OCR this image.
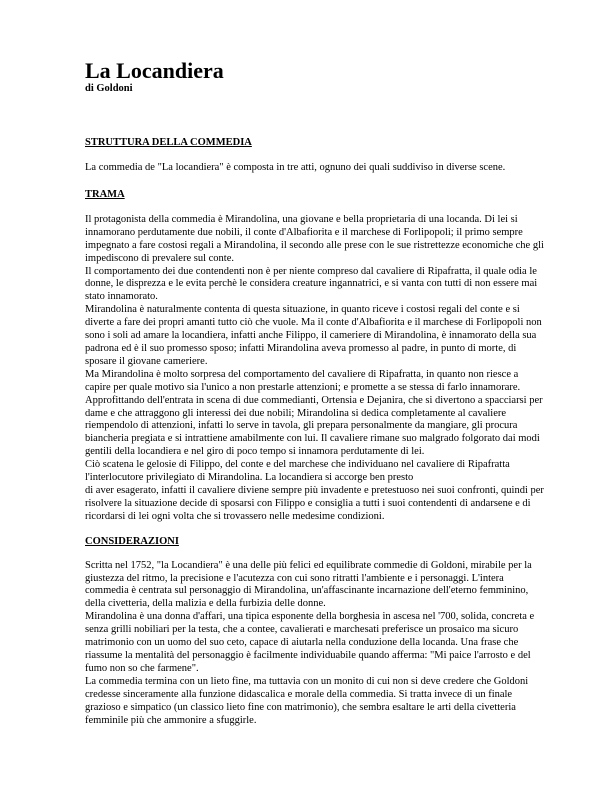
La Locandiera
di Goldoni
STRUTTURA DELLA COMMEDIA
La commedia de "La locandiera" è composta in tre atti, ognuno dei quali suddiviso in diverse scene.
TRAMA
Il protagonista della commedia è Mirandolina, una giovane e bella proprietaria di una locanda. Di lei si
innamorano perdutamente due nobili, il conte d'Albafiorita e il marchese di Forlipopoli; il primo sempre
impegnato a fare costosi regali a Mirandolina, il secondo alle prese con le sue ristrettezze economiche che gli
impediscono di prevalere sul conte.
Il comportamento dei due contendenti non è per niente compreso dal cavaliere di Ripafratta, il quale odia le
donne, le disprezza e le evita perchè le considera creature ingannatrici, e si vanta con tutti di non essere mai
stato innamorato.
Mirandolina è naturalmente contenta di questa situazione, in quanto riceve i costosi regali del conte e si
diverte a fare dei propri amanti tutto ciò che vuole. Ma il conte d'Albafiorita e il marchese di Forlipopoli non
sono i soli ad amare la locandiera, infatti anche Filippo, il cameriere di Mirandolina, è innamorato della sua
padrona ed è il suo promesso sposo; infatti Mirandolina aveva promesso al padre, in punto di morte, di
sposare il giovane cameriere.
Ma Mirandolina è molto sorpresa del comportamento del cavaliere di Ripafratta, in quanto non riesce a
capire per quale motivo sia l'unico a non prestarle attenzioni; e promette a se stessa di farlo innamorare.
Approfittando dell'entrata in scena di due commedianti, Ortensia e Dejanira, che si divertono a spacciarsi per
dame e che attraggono gli interessi dei due nobili; Mirandolina si dedica completamente al cavaliere
riempendolo di attenzioni, infatti lo serve in tavola, gli prepara personalmente da mangiare, gli procura
biancheria pregiata e si intrattiene amabilmente con lui. Il cavaliere rimane suo malgrado folgorato dai modi
gentili della locandiera e nel giro di poco tempo si innamora perdutamente di lei.
Ciò scatena le gelosie di Filippo, del conte e del marchese che individuano nel cavaliere di Ripafratta
l'interlocutore privilegiato di Mirandolina. La locandiera si accorge ben presto
di aver esagerato, infatti il cavaliere diviene sempre più invadente e pretestuoso nei suoi confronti, quindi per
risolvere la situazione decide di sposarsi con Filippo e consiglia a tutti i suoi contendenti di andarsene e di
ricordarsi di lei ogni volta che si trovassero nelle medesime condizioni.
CONSIDERAZIONI
Scritta nel 1752, "la Locandiera" è una delle più felici ed equilibrate commedie di Goldoni, mirabile per la
giustezza del ritmo, la precisione e l'acutezza con cui sono ritratti l'ambiente e i personaggi. L'intera
commedia è centrata sul personaggio di Mirandolina, un'affascinante incarnazione dell'eterno femminino,
della civetteria, della malizia e della furbizia delle donne.
Mirandolina è una donna d'affari, una tipica esponente della borghesia in ascesa nel '700, solida, concreta e
senza grilli nobiliari per la testa, che a contee, cavalierati e marchesati preferisce un prosaico ma sicuro
matrimonio con un uomo del suo ceto, capace di aiutarla nella conduzione della locanda. Una frase che
riassume la mentalità del personaggio è facilmente individuabile quando afferma: "Mi paice l'arrosto e del
fumo non so che farmene".
La commedia termina con un lieto fine, ma tuttavia con un monito di cui non si deve credere che Goldoni
credesse sinceramente alla funzione didascalica e morale della commedia. Si tratta invece di un finale
grazioso e simpatico (un classico lieto fine con matrimonio), che sembra esaltare le arti della civetteria
femminile più che ammonire a sfuggirle.
